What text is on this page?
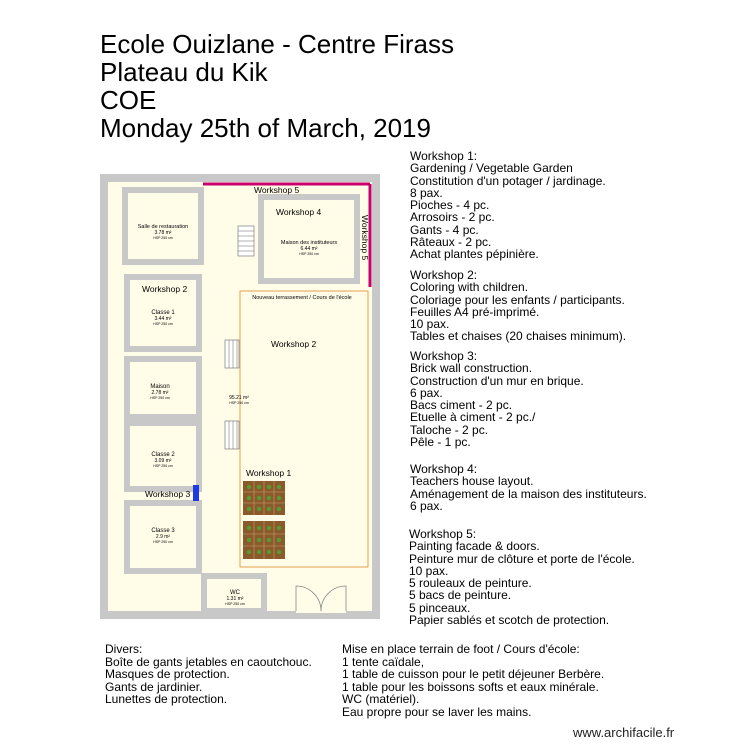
Ecole Ouizlane - Centre Firass
Plateau du Kik
COE
Monday 25th of March, 2019
Workshop 5
Workshop 5
Workshop 4
Workshop 2
Workshop 2
Workshop 1
Workshop 3
Salle de restauration
3.78 m²
HSP 250 cm
Maison des instituteurs
6.44 m²
HSP 250 cm
Classe 1
3.44 m²
HSP 250 cm
Maison
2.78 m²
HSP 250 cm
Classe 2
3.09 m²
HSP 250 cm
Classe 3
2.9 m²
HSP 250 cm
WC
1.31 m²
HSP 250 cm
Nouveau terrassement / Cours de l'école
95.21 m²
HSP 250 cm
Workshop 1:
Gardening / Vegetable Garden
Constitution d'un potager / jardinage.
8 pax.
Pioches - 4 pc.
Arrosoirs - 2 pc.
Gants - 4 pc.
Râteaux - 2 pc.
Achat plantes pépinière.
Workshop 2:
Coloring with children.
Coloriage pour les enfants / participants.
Feuilles A4 pré-imprimé.
10 pax.
Tables et chaises (20 chaises minimum).
Workshop 3:
Brick wall construction.
Construction d'un mur en brique.
6 pax.
Bacs ciment - 2 pc.
Etuelle à ciment - 2 pc./
Taloche - 2 pc.
Pêle - 1 pc.
Workshop 4:
Teachers house layout.
Aménagement de la maison des instituteurs.
6 pax.
Workshop 5:
Painting facade & doors.
Peinture mur de clôture et porte de l'école.
10 pax.
5 rouleaux de peinture.
5 bacs de peinture.
5 pinceaux.
Papier sablés et scotch de protection.
Divers:
Boîte de gants jetables en caoutchouc.
Masques de protection.
Gants de jardinier.
Lunettes de protection.
Mise en place terrain de foot / Cours d'école:
1 tente caïdale,
1 table de cuisson pour le petit déjeuner Berbère.
1 table pour les boissons softs et eaux minérale.
WC (matériel).
Eau propre pour se laver les mains.
www.archifacile.fr
